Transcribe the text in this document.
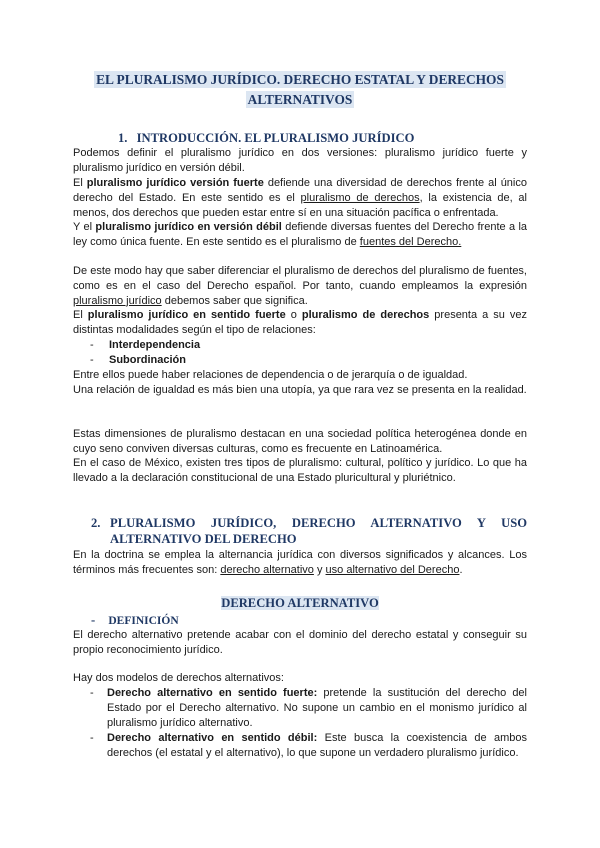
EL PLURALISMO JURÍDICO. DERECHO ESTATAL Y DERECHOS
ALTERNATIVOS
1. INTRODUCCIÓN. EL PLURALISMO JURÍDICO
Podemos definir el pluralismo jurídico en dos versiones: pluralismo jurídico fuerte y pluralismo jurídico en versión débil.
El pluralismo jurídico versión fuerte defiende una diversidad de derechos frente al único derecho del Estado. En este sentido es el pluralismo de derechos, la existencia de, al menos, dos derechos que pueden estar entre sí en una situación pacífica o enfrentada.
Y el pluralismo jurídico en versión débil defiende diversas fuentes del Derecho frente a la ley como única fuente. En este sentido es el pluralismo de fuentes del Derecho.
De este modo hay que saber diferenciar el pluralismo de derechos del pluralismo de fuentes, como es en el caso del Derecho español. Por tanto, cuando empleamos la expresión pluralismo jurídico debemos saber que significa.
El pluralismo jurídico en sentido fuerte o pluralismo de derechos presenta a su vez distintas modalidades según el tipo de relaciones:
- Interdependencia
- Subordinación
Entre ellos puede haber relaciones de dependencia o de jerarquía o de igualdad.
Una relación de igualdad es más bien una utopía, ya que rara vez se presenta en la realidad.
Estas dimensiones de pluralismo destacan en una sociedad política heterogénea donde en cuyo seno conviven diversas culturas, como es frecuente en Latinoamérica.
En el caso de México, existen tres tipos de pluralismo: cultural, político y jurídico. Lo que ha llevado a la declaración constitucional de una Estado pluricultural y pluriétnico.
2. PLURALISMO JURÍDICO, DERECHO ALTERNATIVO Y USO
ALTERNATIVO DEL DERECHO
En la doctrina se emplea la alternancia jurídica con diversos significados y alcances. Los términos más frecuentes son: derecho alternativo y uso alternativo del Derecho.
DERECHO ALTERNATIVO
- DEFINICIÓN
El derecho alternativo pretende acabar con el dominio del derecho estatal y conseguir su propio reconocimiento jurídico.
Hay dos modelos de derechos alternativos:
- Derecho alternativo en sentido fuerte: pretende la sustitución del derecho del Estado por el Derecho alternativo. No supone un cambio en el monismo jurídico al pluralismo jurídico alternativo.
- Derecho alternativo en sentido débil: Este busca la coexistencia de ambos derechos (el estatal y el alternativo), lo que supone un verdadero pluralismo jurídico.
